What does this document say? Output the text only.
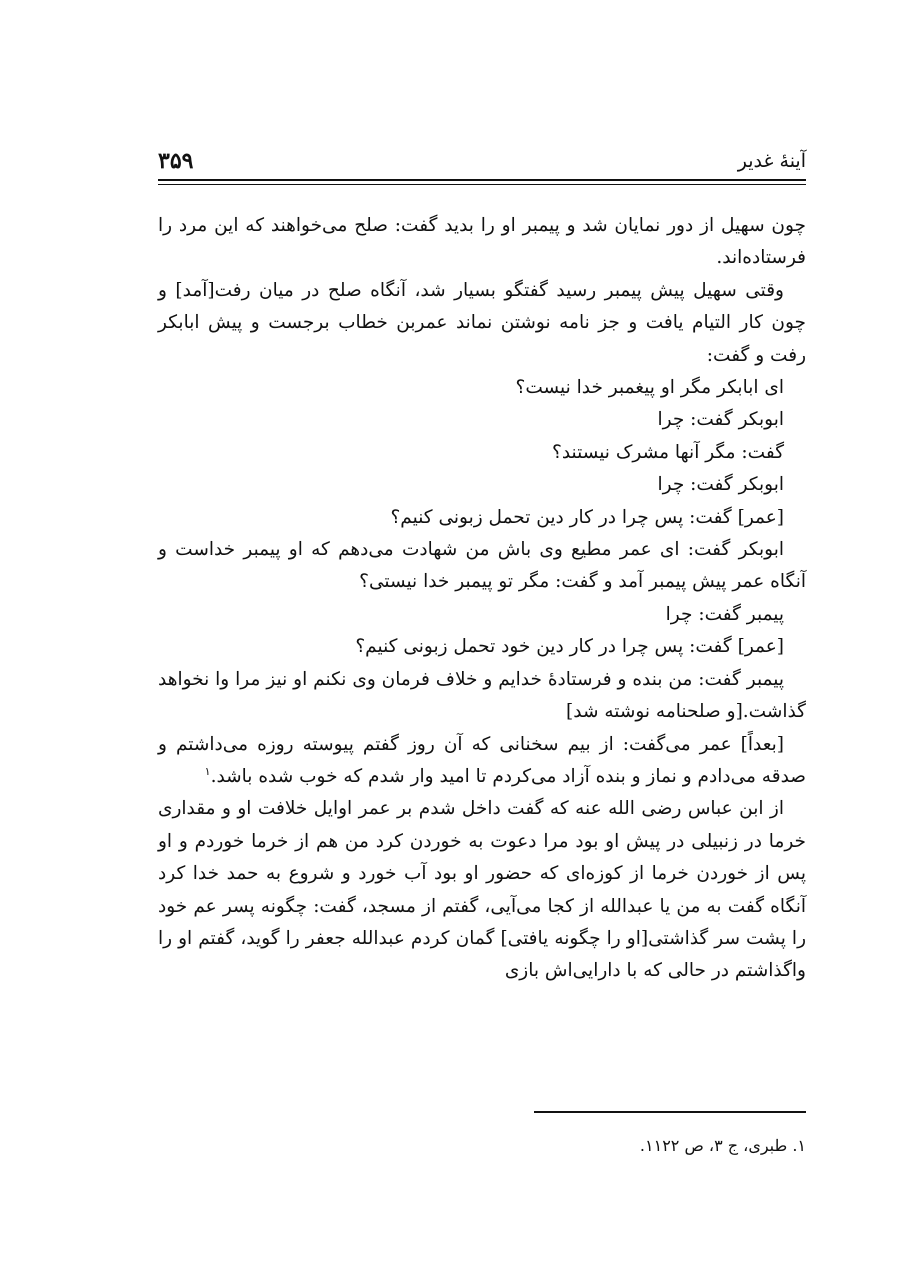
آینهٔ غدیر
۳۵۹

چون سهیل از دور نمایان شد و پیمبر او را بدید گفت: صلح می‌خواهند که این مرد را فرستاده‌اند.

وقتی سهیل پیش پیمبر رسید گفتگو بسیار شد، آنگاه صلح در میان رفت[آمد] و چون کار التیام یافت و جز نامه نوشتن نماند عمربن خطاب برجست و پیش ابابکر رفت و گفت:

ای ابابکر مگر او پیغمبر خدا نیست؟

ابوبکر گفت: چرا

گفت: مگر آنها مشرک نیستند؟

ابوبکر گفت: چرا

[عمر] گفت: پس چرا در کار دین تحمل زبونی کنیم؟

ابوبکر گفت: ای عمر مطیع وی باش من شهادت می‌دهم که او پیمبر خداست و آنگاه عمر پیش پیمبر آمد و گفت: مگر تو پیمبر خدا نیستی؟

پیمبر گفت: چرا

[عمر] گفت: پس چرا در کار دین خود تحمل زبونی کنیم؟

پیمبر گفت: من بنده و فرستادهٔ خدایم و خلاف فرمان وی نکنم او نیز مرا وا نخواهد گذاشت.[و صلحنامه نوشته شد]

[بعداً] عمر می‌گفت: از بیم سخنانی که آن روز گفتم پیوسته روزه می‌داشتم و صدقه می‌دادم و نماز و بنده آزاد می‌کردم تا امید وار شدم که خوب شده باشد.$^۱$

از ابن عباس رضی الله عنه که گفت داخل شدم بر عمر اوایل خلافت او و مقداری خرما در زنبیلی در پیش او بود مرا دعوت به خوردن کرد من هم از خرما خوردم و او پس از خوردن خرما از کوزه‌ای که حضور او بود آب خورد و شروع به حمد خدا کرد آنگاه گفت به من یا عبدالله از کجا می‌آیی، گفتم از مسجد، گفت: چگونه پسر عم خود را پشت سر گذاشتی[او را چگونه یافتی] گمان کردم عبدالله جعفر را گوید، گفتم او را واگذاشتم در حالی که با دارایی‌اش بازی

۱. طبری، ج ۳، ص ۱۱۲۲.
